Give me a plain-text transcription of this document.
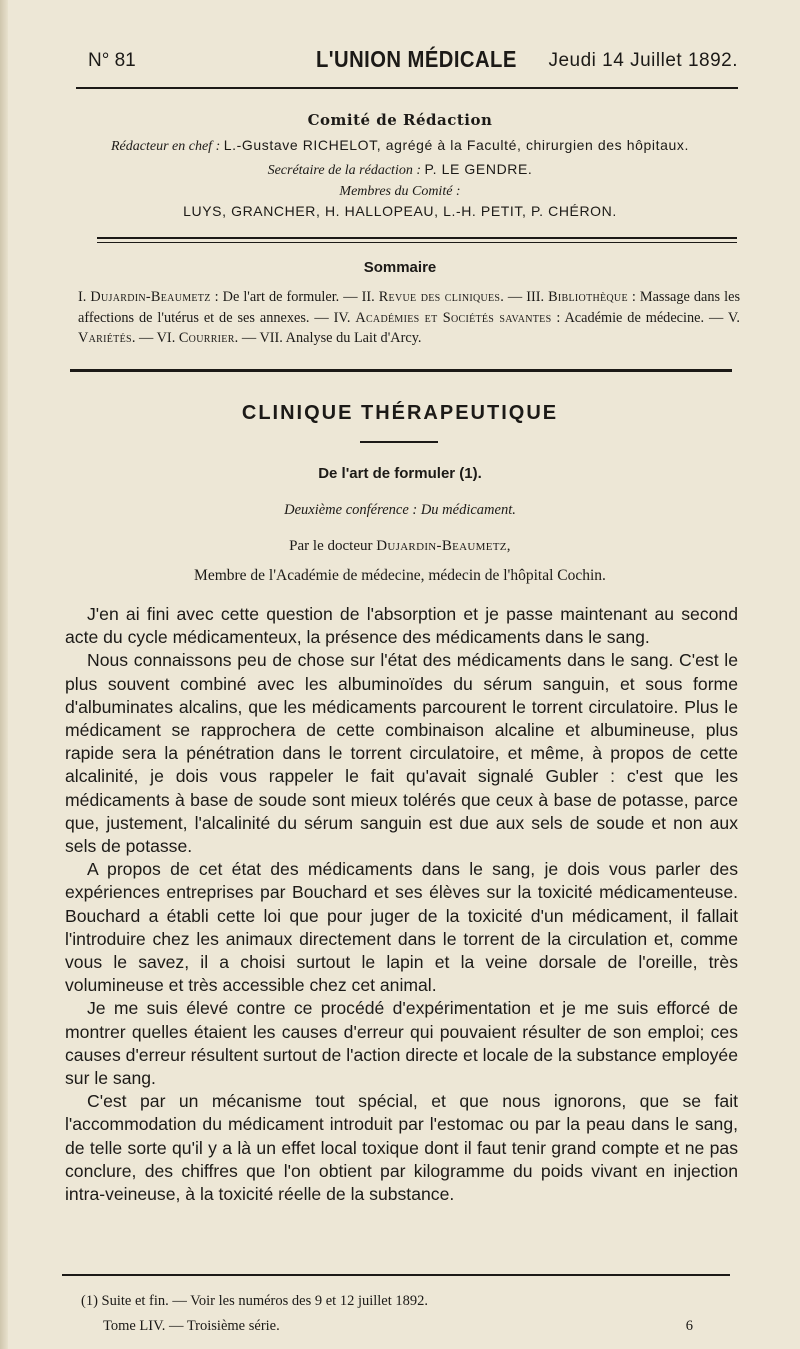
N° 81	L'UNION MÉDICALE Jeudi 14 Juillet 1892.
Comité de Rédaction
Rédacteur en chef : L.-Gustave RICHELOT, agrégé à la Faculté, chirurgien des hôpitaux.
Secrétaire de la rédaction : P. LE GENDRE.
Membres du Comité :
LUYS, GRANCHER, H. HALLOPEAU, L.-H. PETIT, P. CHÉRON.
Sommaire
I. Dujardin-Beaumetz : De l'art de formuler. — II. Revue des cliniques. — III. Bibliothèque : Massage dans les affections de l'utérus et de ses annexes. — IV. Académies et Sociétés savantes : Académie de médecine. — V. Variétés. — VI. Courrier. — VII. Analyse du Lait d'Arcy.
CLINIQUE THÉRAPEUTIQUE
De l'art de formuler (1).
Deuxième conférence : Du médicament.
Par le docteur Dujardin-Beaumetz,
Membre de l'Académie de médecine, médecin de l'hôpital Cochin.

J'en ai fini avec cette question de l'absorption et je passe maintenant au second acte du cycle médicamenteux, la présence des médicaments dans le sang.

Nous connaissons peu de chose sur l'état des médicaments dans le sang. C'est le plus souvent combiné avec les albuminoïdes du sérum sanguin, et sous forme d'albuminates alcalins, que les médicaments parcourent le torrent circulatoire. Plus le médicament se rapprochera de cette combinaison alcaline et albumineuse, plus rapide sera la pénétration dans le torrent circulatoire, et même, à propos de cette alcalinité, je dois vous rappeler le fait qu'avait signalé Gubler : c'est que les médicaments à base de soude sont mieux tolérés que ceux à base de potasse, parce que, justement, l'alcalinité du sérum sanguin est due aux sels de soude et non aux sels de potasse.

A propos de cet état des médicaments dans le sang, je dois vous parler des expériences entreprises par Bouchard et ses élèves sur la toxicité médicamenteuse. Bouchard a établi cette loi que pour juger de la toxicité d'un médicament, il fallait l'introduire chez les animaux directement dans le torrent de la circulation et, comme vous le savez, il a choisi surtout le lapin et la veine dorsale de l'oreille, très volumineuse et très accessible chez cet animal.

Je me suis élevé contre ce procédé d'expérimentation et je me suis efforcé de montrer quelles étaient les causes d'erreur qui pouvaient résulter de son emploi; ces causes d'erreur résultent surtout de l'action directe et locale de la substance employée sur le sang.

C'est par un mécanisme tout spécial, et que nous ignorons, que se fait l'accommodation du médicament introduit par l'estomac ou par la peau dans le sang, de telle sorte qu'il y a là un effet local toxique dont il faut tenir grand compte et ne pas conclure, des chiffres que l'on obtient par kilogramme du poids vivant en injection intra-veineuse, à la toxicité réelle de la substance.

(1) Suite et fin. — Voir les numéros des 9 et 12 juillet 1892.
Tome LIV. — Troisième série.	6
